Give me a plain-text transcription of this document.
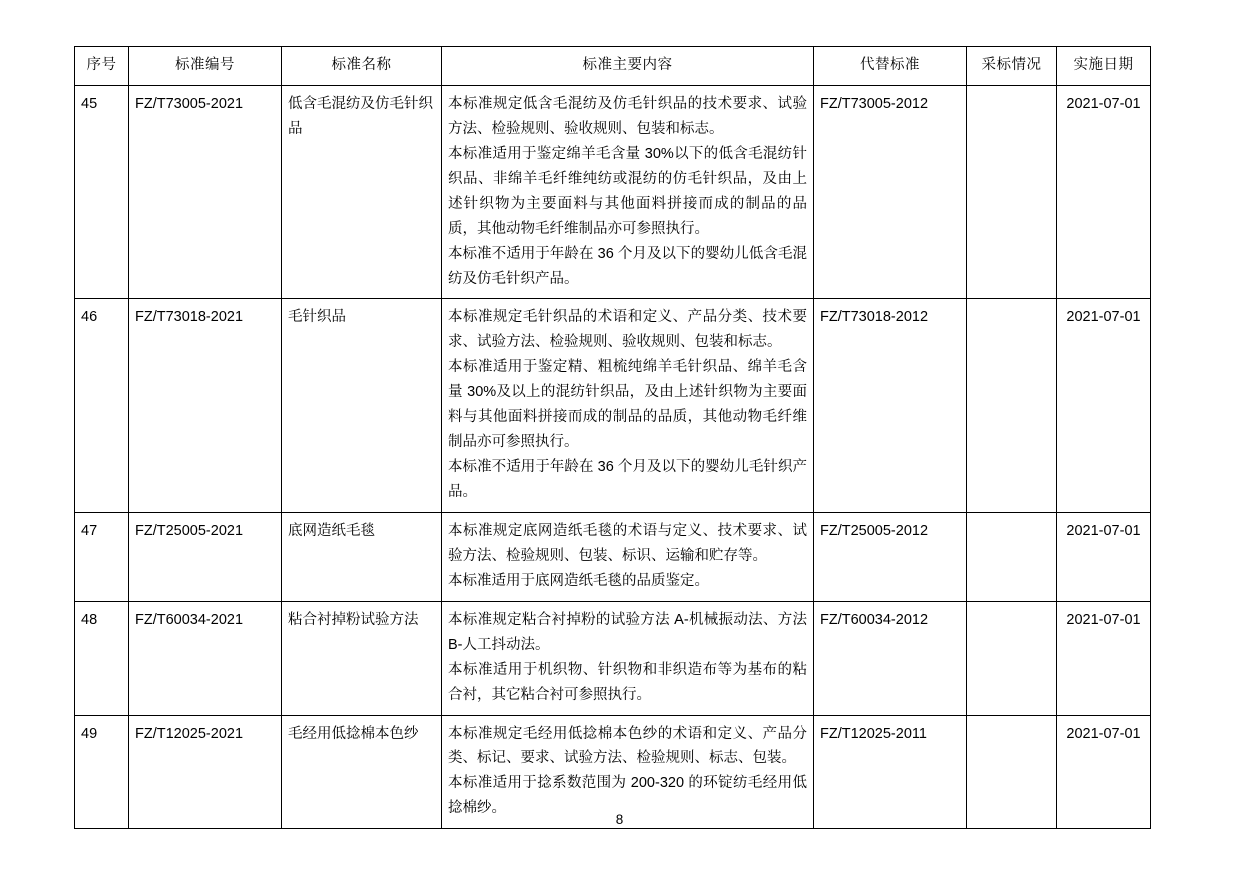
序号	标准编号	标准名称	标准主要内容	代替标准	采标情况	实施日期
45	FZ/T73005-2021	低含毛混纺及仿毛针织品	本标准规定低含毛混纺及仿毛针织品的技术要求、试验方法、检验规则、验收规则、包装和标志。

本标准适用于鉴定绵羊毛含量 30%以下的低含毛混纺针织品、非绵羊毛纤维纯纺或混纺的仿毛针织品，及由上述针织物为主要面料与其他面料拼接而成的制品的品质，其他动物毛纤维制品亦可参照执行。

本标准不适用于年龄在 36 个月及以下的婴幼儿低含毛混纺及仿毛针织产品。	FZ/T73005-2012		2021-07-01
46	FZ/T73018-2021	毛针织品	本标准规定毛针织品的术语和定义、产品分类、技术要求、试验方法、检验规则、验收规则、包装和标志。

本标准适用于鉴定精、粗梳纯绵羊毛针织品、绵羊毛含量 30%及以上的混纺针织品，及由上述针织物为主要面料与其他面料拼接而成的制品的品质，其他动物毛纤维制品亦可参照执行。

本标准不适用于年龄在 36 个月及以下的婴幼儿毛针织产品。	FZ/T73018-2012		2021-07-01
47	FZ/T25005-2021	底网造纸毛毯	本标准规定底网造纸毛毯的术语与定义、技术要求、试验方法、检验规则、包装、标识、运输和贮存等。

本标准适用于底网造纸毛毯的品质鉴定。	FZ/T25005-2012		2021-07-01
48	FZ/T60034-2021	粘合衬掉粉试验方法	本标准规定粘合衬掉粉的试验方法 A-机械振动法、方法 B-人工抖动法。

本标准适用于机织物、针织物和非织造布等为基布的粘合衬，其它粘合衬可参照执行。	FZ/T60034-2012		2021-07-01
49	FZ/T12025-2021	毛经用低捻棉本色纱	本标准规定毛经用低捻棉本色纱的术语和定义、产品分类、标记、要求、试验方法、检验规则、标志、包装。

本标准适用于捻系数范围为 200-320 的环锭纺毛经用低捻棉纱。	FZ/T12025-2011		2021-07-01
8
